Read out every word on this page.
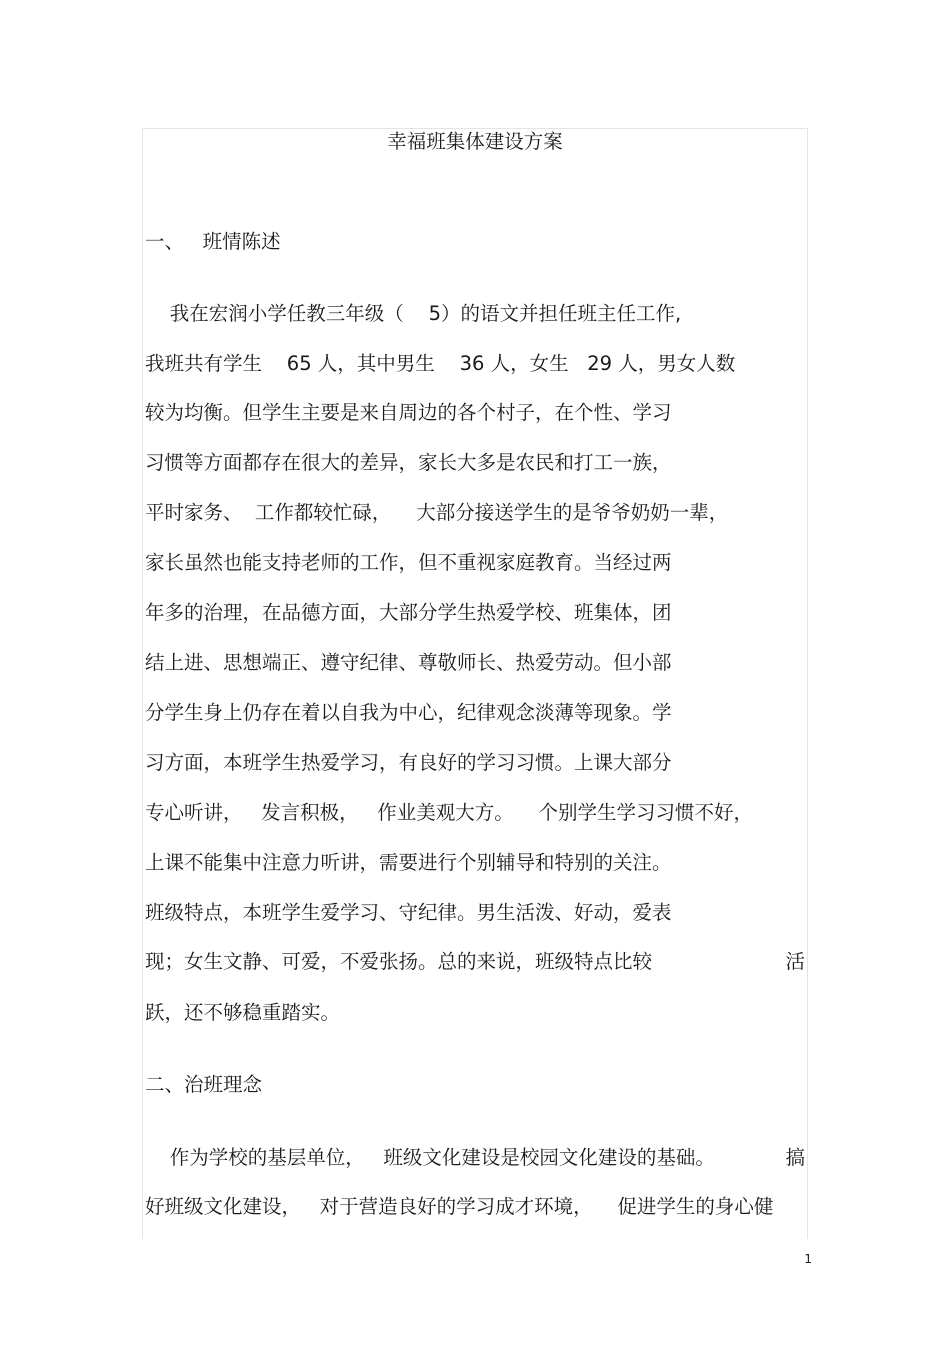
幸福班集体建设方案
一、   班情陈述
我在宏润小学任教三年级（    5）的语文并担任班主任工作,
我班共有学生    65 人，其中男生    36 人，女生   29 人，男女人数
较为均衡。但学生主要是来自周边的各个村子，在个性、学习
习惯等方面都存在很大的差异，家长大多是农民和打工一族，
平时家务、  工作都较忙碌，    大部分接送学生的是爷爷奶奶一辈，
家长虽然也能支持老师的工作，但不重视家庭教育。当经过两
年多的治理，在品德方面，大部分学生热爱学校、班集体，团
结上进、思想端正、遵守纪律、尊敬师长、热爱劳动。但小部
分学生身上仍存在着以自我为中心，纪律观念淡薄等现象。学
习方面，本班学生热爱学习，有良好的学习习惯。上课大部分
专心听讲，   发言积极，   作业美观大方。    个别学生学习习惯不好，
上课不能集中注意力听讲，需要进行个别辅导和特别的关注。
班级特点，本班学生爱学习、守纪律。男生活泼、好动，爱表
现；女生文静、可爱，不爱张扬。总的来说，班级特点比较	活
跃，还不够稳重踏实。
二、治班理念
作为学校的基层单位，   班级文化建设是校园文化建设的基础。	搞
好班级文化建设，   对于营造良好的学习成才环境，    促进学生的身心健
1
